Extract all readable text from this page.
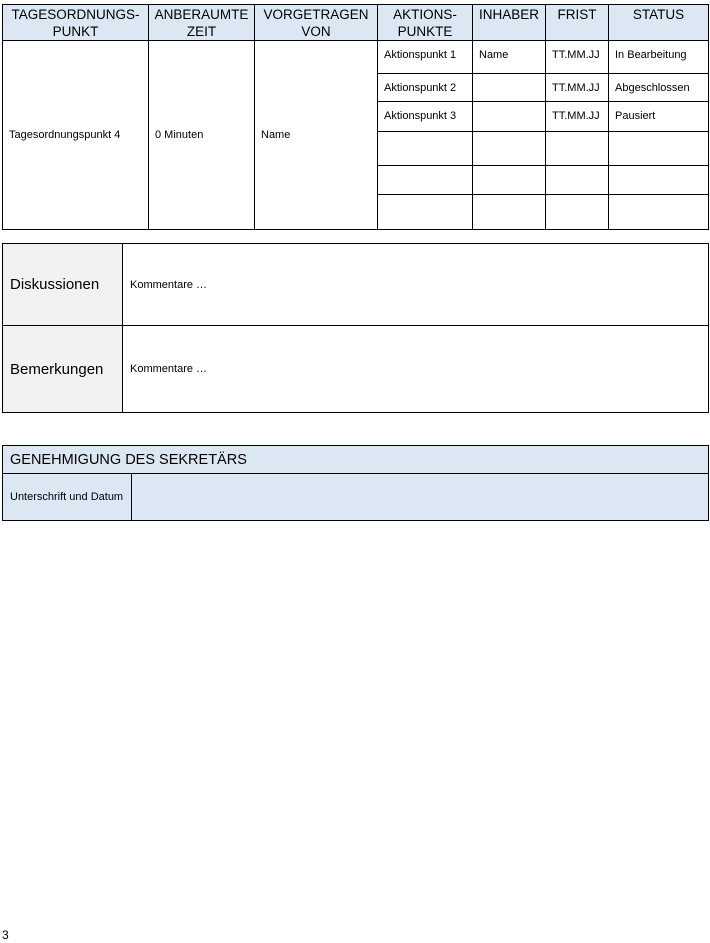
TAGESORDNUNGS-PUNKT	ANBERAUMTE ZEIT	VORGETRAGEN VON	AKTIONS-PUNKTE	INHABER	FRIST	STATUS
Tagesordnungspunkt 4	0 Minuten	Name	Aktionspunkt 1	Name	TT.MM.JJ	In Bearbeitung
			Aktionspunkt 2		TT.MM.JJ	Abgeschlossen
			Aktionspunkt 3		TT.MM.JJ	Pausiert

Diskussionen	Kommentare …
Bemerkungen	Kommentare …
GENEHMIGUNG DES SEKRETÄRS
Unterschrift und Datum	
3
